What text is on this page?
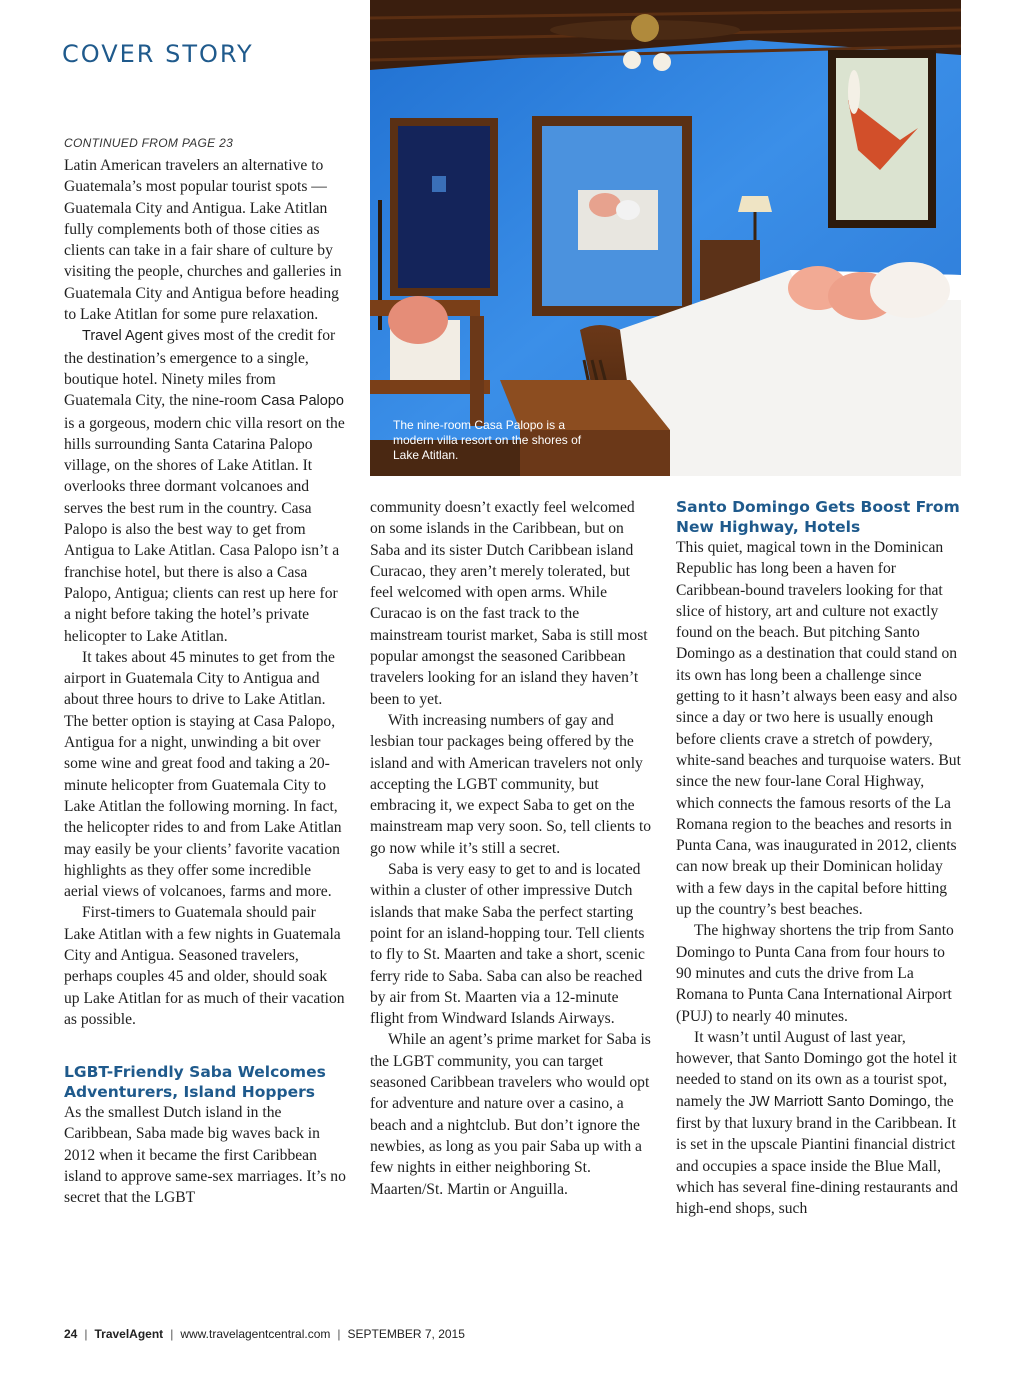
COVER STORY
CONTINUED FROM PAGE 23

Latin American travelers an alternative to Guatemala’s most popular tourist spots — Guatemala City and Antigua. Lake Atitlan fully complements both of those cities as clients can take in a fair share of culture by visiting the people, churches and galleries in Guatemala City and Antigua before heading to Lake Atitlan for some pure relaxation.

Travel Agent gives most of the credit for the destination’s emergence to a single, boutique hotel. Ninety miles from Guatemala City, the nine-room Casa Palopo is a gorgeous, modern chic villa resort on the hills surrounding Santa Catarina Palopo village, on the shores of Lake Atitlan. It overlooks three dormant volcanoes and serves the best rum in the country. Casa Palopo is also the best way to get from Antigua to Lake Atitlan. Casa Palopo isn’t a franchise hotel, but there is also a Casa Palopo, Antigua; clients can rest up here for a night before taking the hotel’s private helicopter to Lake Atitlan.

It takes about 45 minutes to get from the airport in Guatemala City to Antigua and about three hours to drive to Lake Atitlan. The better option is staying at Casa Palopo, Antigua for a night, unwinding a bit over some wine and great food and taking a 20-minute helicopter from Guatemala City to Lake Atitlan the following morning. In fact, the helicopter rides to and from Lake Atitlan may easily be your clients’ favorite vacation highlights as they offer some incredible aerial views of volcanoes, farms and more.

First-timers to Guatemala should pair Lake Atitlan with a few nights in Guatemala City and Antigua. Seasoned travelers, perhaps couples 45 and older, should soak up Lake Atitlan for as much of their vacation as possible.

LGBT-Friendly Saba Welcomes Adventurers, Island Hoppers

As the smallest Dutch island in the Caribbean, Saba made big waves back in 2012 when it became the first Caribbean island to approve same-sex marriages. It’s no secret that the LGBT

The nine-room Casa Palopo is a modern villa resort on the shores of Lake Atitlan.

community doesn’t exactly feel welcomed on some islands in the Caribbean, but on Saba and its sister Dutch Caribbean island Curacao, they aren’t merely tolerated, but feel welcomed with open arms. While Curacao is on the fast track to the mainstream tourist market, Saba is still most popular amongst the seasoned Caribbean travelers looking for an island they haven’t been to yet.

With increasing numbers of gay and lesbian tour packages being offered by the island and with American travelers not only accepting the LGBT community, but embracing it, we expect Saba to get on the mainstream map very soon. So, tell clients to go now while it’s still a secret.

Saba is very easy to get to and is located within a cluster of other impressive Dutch islands that make Saba the perfect starting point for an island-hopping tour. Tell clients to fly to St. Maarten and take a short, scenic ferry ride to Saba. Saba can also be reached by air from St. Maarten via a 12-minute flight from Windward Islands Airways.

While an agent’s prime market for Saba is the LGBT community, you can target seasoned Caribbean travelers who would opt for adventure and nature over a casino, a beach and a nightclub. But don’t ignore the newbies, as long as you pair Saba up with a few nights in either neighboring St. Maarten/St. Martin or Anguilla.

Santo Domingo Gets Boost From New Highway, Hotels

This quiet, magical town in the Dominican Republic has long been a haven for Caribbean-bound travelers looking for that slice of history, art and culture not exactly found on the beach. But pitching Santo Domingo as a destination that could stand on its own has long been a challenge since getting to it hasn’t always been easy and also since a day or two here is usually enough before clients crave a stretch of powdery, white-sand beaches and turquoise waters. But since the new four-lane Coral Highway, which connects the famous resorts of the La Romana region to the beaches and resorts in Punta Cana, was inaugurated in 2012, clients can now break up their Dominican holiday with a few days in the capital before hitting up the country’s best beaches.

The highway shortens the trip from Santo Domingo to Punta Cana from four hours to 90 minutes and cuts the drive from La Romana to Punta Cana International Airport (PUJ) to nearly 40 minutes.

It wasn’t until August of last year, however, that Santo Domingo got the hotel it needed to stand on its own as a tourist spot, namely the JW Marriott Santo Domingo, the first by that luxury brand in the Caribbean. It is set in the upscale Piantini financial district and occupies a space inside the Blue Mall, which has several fine-dining restaurants and high-end shops, such

24 | TravelAgent | www.travelagentcentral.com | SEPTEMBER 7, 2015
